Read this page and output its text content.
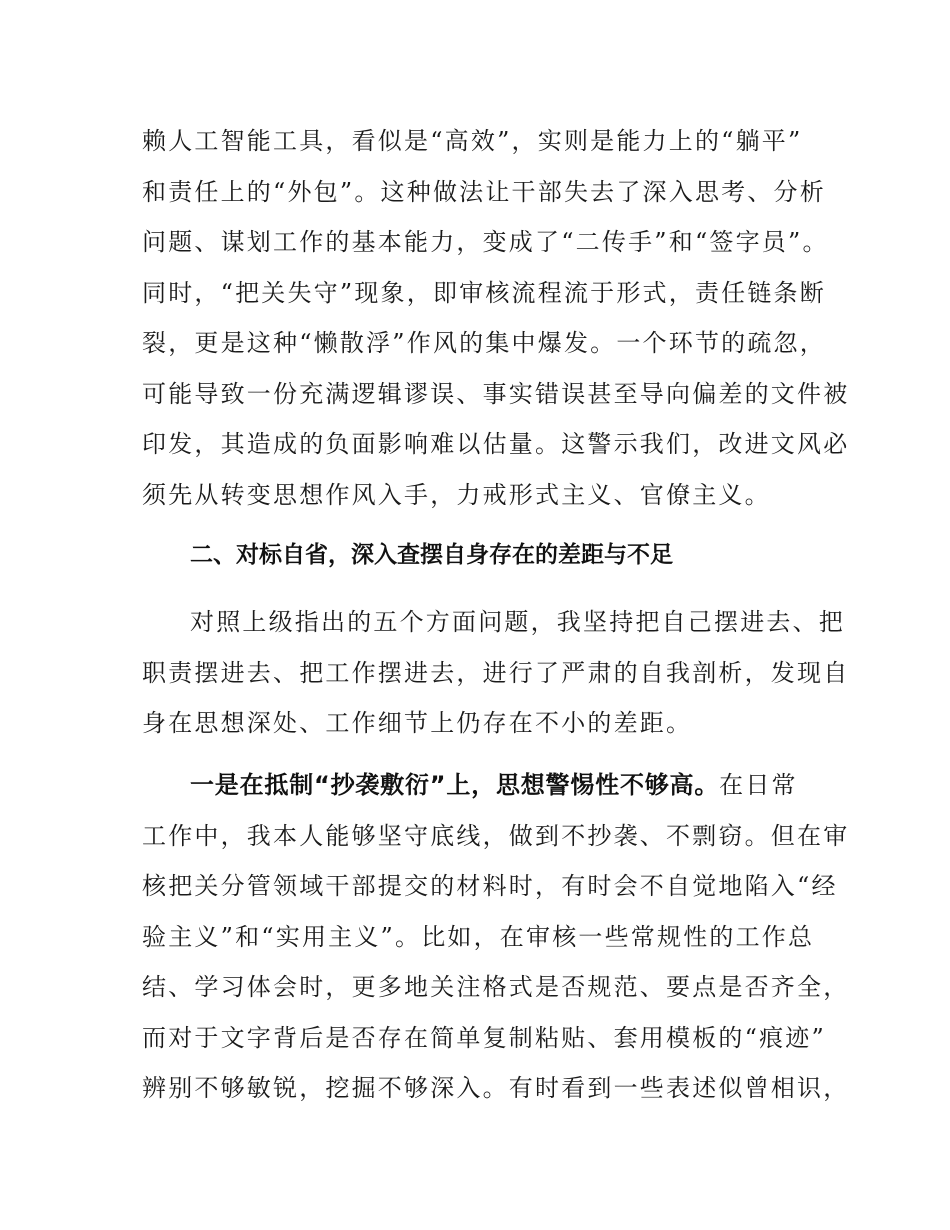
赖人工智能工具，看似是“高效”，实则是能力上的“躺平”
和责任上的“外包”。这种做法让干部失去了深入思考、分析
问题、谋划工作的基本能力，变成了“二传手”和“签字员”。
同时，“把关失守”现象，即审核流程流于形式，责任链条断
裂，更是这种“懒散浮”作风的集中爆发。一个环节的疏忽，
可能导致一份充满逻辑谬误、事实错误甚至导向偏差的文件被
印发，其造成的负面影响难以估量。这警示我们，改进文风必
须先从转变思想作风入手，力戒形式主义、官僚主义。
二、对标自省，深入查摆自身存在的差距与不足
对照上级指出的五个方面问题，我坚持把自己摆进去、把
职责摆进去、把工作摆进去，进行了严肃的自我剖析，发现自
身在思想深处、工作细节上仍存在不小的差距。
一是在抵制“抄袭敷衍”上，思想警惕性不够高。在日常
工作中，我本人能够坚守底线，做到不抄袭、不剽窃。但在审
核把关分管领域干部提交的材料时，有时会不自觉地陷入“经
验主义”和“实用主义”。比如，在审核一些常规性的工作总
结、学习体会时，更多地关注格式是否规范、要点是否齐全，
而对于文字背后是否存在简单复制粘贴、套用模板的“痕迹”
辨别不够敏锐，挖掘不够深入。有时看到一些表述似曾相识，
